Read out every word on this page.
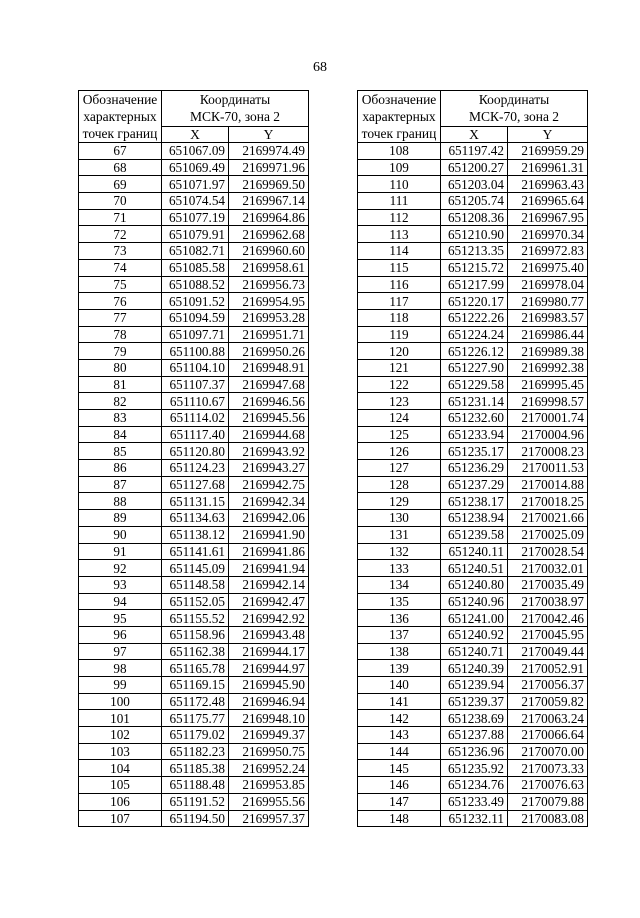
68
Обозначение
характерных
точек границ	Координаты
МСК-70, зона 2	
	X	Y
67	651067.09	2169974.49
68	651069.49	2169971.96
69	651071.97	2169969.50
70	651074.54	2169967.14
71	651077.19	2169964.86
72	651079.91	2169962.68
73	651082.71	2169960.60
74	651085.58	2169958.61
75	651088.52	2169956.73
76	651091.52	2169954.95
77	651094.59	2169953.28
78	651097.71	2169951.71
79	651100.88	2169950.26
80	651104.10	2169948.91
81	651107.37	2169947.68
82	651110.67	2169946.56
83	651114.02	2169945.56
84	651117.40	2169944.68
85	651120.80	2169943.92
86	651124.23	2169943.27
87	651127.68	2169942.75
88	651131.15	2169942.34
89	651134.63	2169942.06
90	651138.12	2169941.90
91	651141.61	2169941.86
92	651145.09	2169941.94
93	651148.58	2169942.14
94	651152.05	2169942.47
95	651155.52	2169942.92
96	651158.96	2169943.48
97	651162.38	2169944.17
98	651165.78	2169944.97
99	651169.15	2169945.90
100	651172.48	2169946.94
101	651175.77	2169948.10
102	651179.02	2169949.37
103	651182.23	2169950.75
104	651185.38	2169952.24
105	651188.48	2169953.85
106	651191.52	2169955.56
107	651194.50	2169957.37
Обозначение
характерных
точек границ	Координаты
МСК-70, зона 2	
	X	Y
108	651197.42	2169959.29
109	651200.27	2169961.31
110	651203.04	2169963.43
111	651205.74	2169965.64
112	651208.36	2169967.95
113	651210.90	2169970.34
114	651213.35	2169972.83
115	651215.72	2169975.40
116	651217.99	2169978.04
117	651220.17	2169980.77
118	651222.26	2169983.57
119	651224.24	2169986.44
120	651226.12	2169989.38
121	651227.90	2169992.38
122	651229.58	2169995.45
123	651231.14	2169998.57
124	651232.60	2170001.74
125	651233.94	2170004.96
126	651235.17	2170008.23
127	651236.29	2170011.53
128	651237.29	2170014.88
129	651238.17	2170018.25
130	651238.94	2170021.66
131	651239.58	2170025.09
132	651240.11	2170028.54
133	651240.51	2170032.01
134	651240.80	2170035.49
135	651240.96	2170038.97
136	651241.00	2170042.46
137	651240.92	2170045.95
138	651240.71	2170049.44
139	651240.39	2170052.91
140	651239.94	2170056.37
141	651239.37	2170059.82
142	651238.69	2170063.24
143	651237.88	2170066.64
144	651236.96	2170070.00
145	651235.92	2170073.33
146	651234.76	2170076.63
147	651233.49	2170079.88
148	651232.11	2170083.08
